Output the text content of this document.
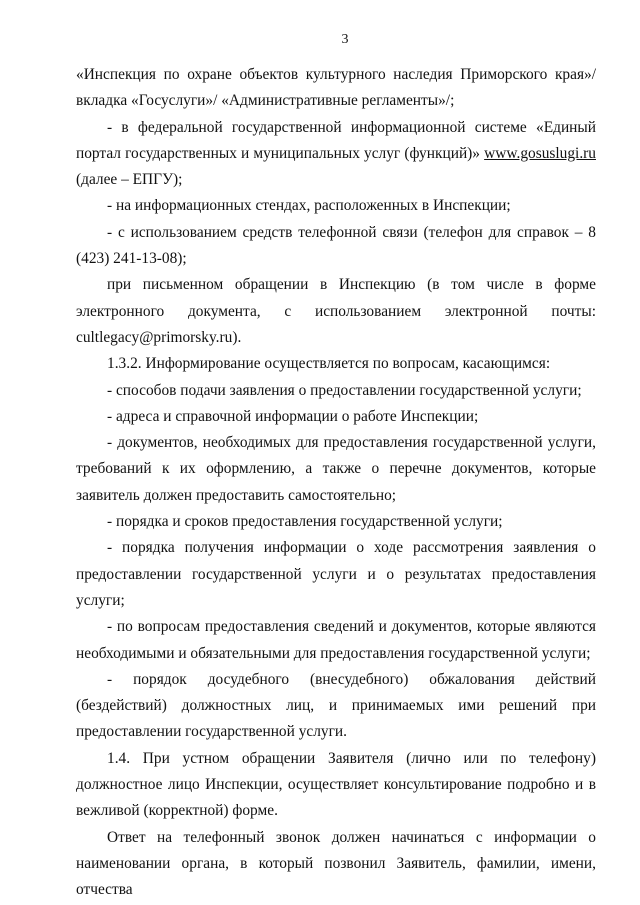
3

«Инспекция по охране объектов культурного наследия Приморского края»/ вкладка «Госуслуги»/ «Административные регламенты»/;

- в федеральной государственной информационной системе «Единый портал государственных и муниципальных услуг (функций)» www.gosuslugi.ru (далее – ЕПГУ);

- на информационных стендах, расположенных в Инспекции;

- с использованием средств телефонной связи (телефон для справок – 8 (423) 241-13-08);

при письменном обращении в Инспекцию (в том числе в форме электронного документа, с использованием электронной почты: cultlegacy@primorsky.ru).

1.3.2. Информирование осуществляется по вопросам, касающимся:

- способов подачи заявления о предоставлении государственной услуги;

- адреса и справочной информации о работе Инспекции;

- документов, необходимых для предоставления государственной услуги, требований к их оформлению, а также о перечне документов, которые заявитель должен предоставить самостоятельно;

- порядка и сроков предоставления государственной услуги;

- порядка получения информации о ходе рассмотрения заявления о предоставлении государственной услуги и о результатах предоставления услуги;

- по вопросам предоставления сведений и документов, которые являются необходимыми и обязательными для предоставления государственной услуги;

- порядок досудебного (внесудебного) обжалования действий (бездействий) должностных лиц, и принимаемых ими решений при предоставлении государственной услуги.

1.4. При устном обращении Заявителя (лично или по телефону) должностное лицо Инспекции, осуществляет консультирование подробно и в вежливой (корректной) форме.

Ответ на телефонный звонок должен начинаться с информации о наименовании органа, в который позвонил Заявитель, фамилии, имени, отчества
